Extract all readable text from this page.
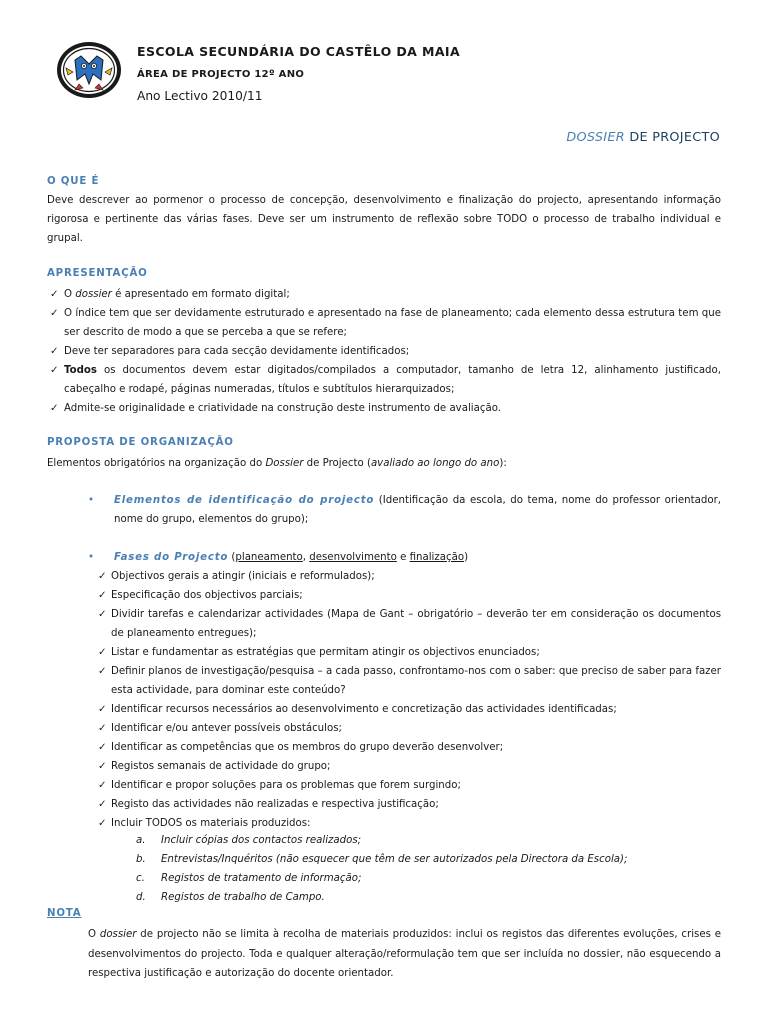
ESCOLA SECUNDÁRIA DO CASTÊLO DA MAIA
ÁREA DE PROJECTO 12º ANO
Ano Lectivo 2010/11
DOSSIER DE PROJECTO
O QUE É
Deve descrever ao pormenor o processo de concepção, desenvolvimento e finalização do projecto, apresentando informação rigorosa e pertinente das várias fases. Deve ser um instrumento de reflexão sobre TODO o processo de trabalho individual e grupal.
APRESENTAÇÃO
✓ O dossier é apresentado em formato digital;
✓ O índice tem que ser devidamente estruturado e apresentado na fase de planeamento; cada elemento dessa estrutura tem que ser descrito de modo a que se perceba a que se refere;
✓ Deve ter separadores para cada secção devidamente identificados;
✓ Todos os documentos devem estar digitados/compilados a computador, tamanho de letra 12, alinhamento justificado, cabeçalho e rodapé, páginas numeradas, títulos e subtítulos hierarquizados;
✓ Admite-se originalidade e criatividade na construção deste instrumento de avaliação.
PROPOSTA DE ORGANIZAÇÃO
Elementos obrigatórios na organização do Dossier de Projecto (avaliado ao longo do ano):
•	Elementos de identificação do projecto (Identificação da escola, do tema, nome do professor orientador, nome do grupo, elementos do grupo);
•	Fases do Projecto (planeamento, desenvolvimento e finalização)
✓ Objectivos gerais a atingir (iniciais e reformulados);
✓ Especificação dos objectivos parciais;
✓ Dividir tarefas e calendarizar actividades (Mapa de Gant – obrigatório – deverão ter em consideração os documentos de planeamento entregues);
✓ Listar e fundamentar as estratégias que permitam atingir os objectivos enunciados;
✓ Definir planos de investigação/pesquisa – a cada passo, confrontamo-nos com o saber: que preciso de saber para fazer esta actividade, para dominar este conteúdo?
✓ Identificar recursos necessários ao desenvolvimento e concretização das actividades identificadas;
✓ Identificar e/ou antever possíveis obstáculos;
✓ Identificar as competências que os membros do grupo deverão desenvolver;
✓ Registos semanais de actividade do grupo;
✓ Identificar e propor soluções para os problemas que forem surgindo;
✓ Registo das actividades não realizadas e respectiva justificação;
✓ Incluir TODOS os materiais produzidos:
a. Incluir cópias dos contactos realizados;
b. Entrevistas/Inquéritos (não esquecer que têm de ser autorizados pela Directora da Escola);
c. Registos de tratamento de informação;
d. Registos de trabalho de Campo.
NOTA
O dossier de projecto não se limita à recolha de materiais produzidos: inclui os registos das diferentes evoluções, crises e desenvolvimentos do projecto. Toda e qualquer alteração/reformulação tem que ser incluída no dossier, não esquecendo a respectiva justificação e autorização do docente orientador.
